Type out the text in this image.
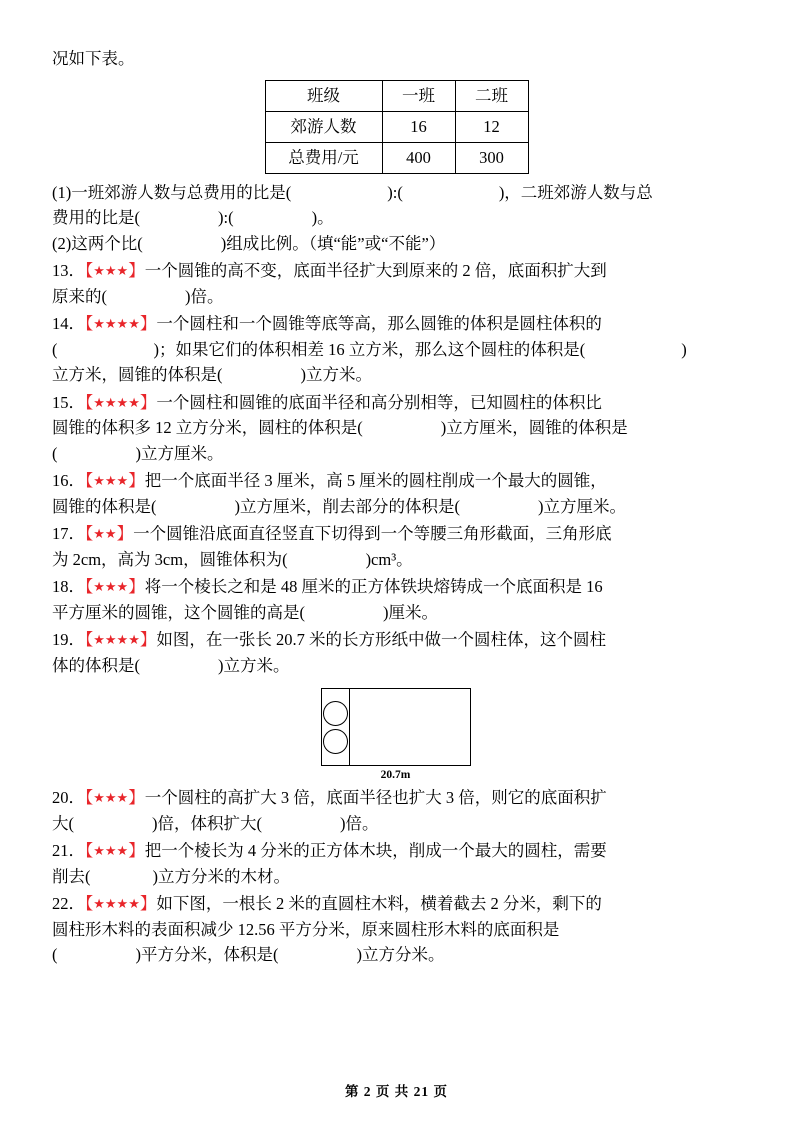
况如下表。
班级	一班	二班
郊游人数	16	12
总费用/元	400	300
(1)一班郊游人数与总费用的比是(	):(	)，二班郊游人数与总
费用的比是(	):(	)。
(2)这两个比(	)组成比例。（填“能”或“不能”）
13．【★★★】一个圆锥的高不变，底面半径扩大到原来的 2 倍，底面积扩大到
原来的(	)倍。
14．【★★★★】一个圆柱和一个圆锥等底等高，那么圆锥的体积是圆柱体积的
(	)；如果它们的体积相差 16 立方米，那么这个圆柱的体积是(	)
立方米，圆锥的体积是(	)立方米。
15．【★★★★】一个圆柱和圆锥的底面半径和高分别相等，已知圆柱的体积比
圆锥的体积多 12 立方分米，圆柱的体积是(	)立方厘米，圆锥的体积是
(	)立方厘米。
16．【★★★】把一个底面半径 3 厘米，高 5 厘米的圆柱削成一个最大的圆锥，
圆锥的体积是(	)立方厘米，削去部分的体积是(	)立方厘米。
17．【★★】一个圆锥沿底面直径竖直下切得到一个等腰三角形截面，三角形底
为 2cm，高为 3cm，圆锥体积为(	)cm³。
18．【★★★】将一个棱长之和是 48 厘米的正方体铁块熔铸成一个底面积是 16
平方厘米的圆锥，这个圆锥的高是(	)厘米。
19．【★★★★】如图，在一张长 20.7 米的长方形纸中做一个圆柱体，这个圆柱
体的体积是(	)立方米。
20.7m
20．【★★★】一个圆柱的高扩大 3 倍，底面半径也扩大 3 倍，则它的底面积扩
大(	)倍，体积扩大(	)倍。
21．【★★★】把一个棱长为 4 分米的正方体木块，削成一个最大的圆柱，需要
削去(	)立方分米的木材。
22．【★★★★】如下图，一根长 2 米的直圆柱木料，横着截去 2 分米，剩下的
圆柱形木料的表面积减少 12.56 平方分米，原来圆柱形木料的底面积是
(	)平方分米，体积是(	)立方分米。
第 2 页 共 21 页
